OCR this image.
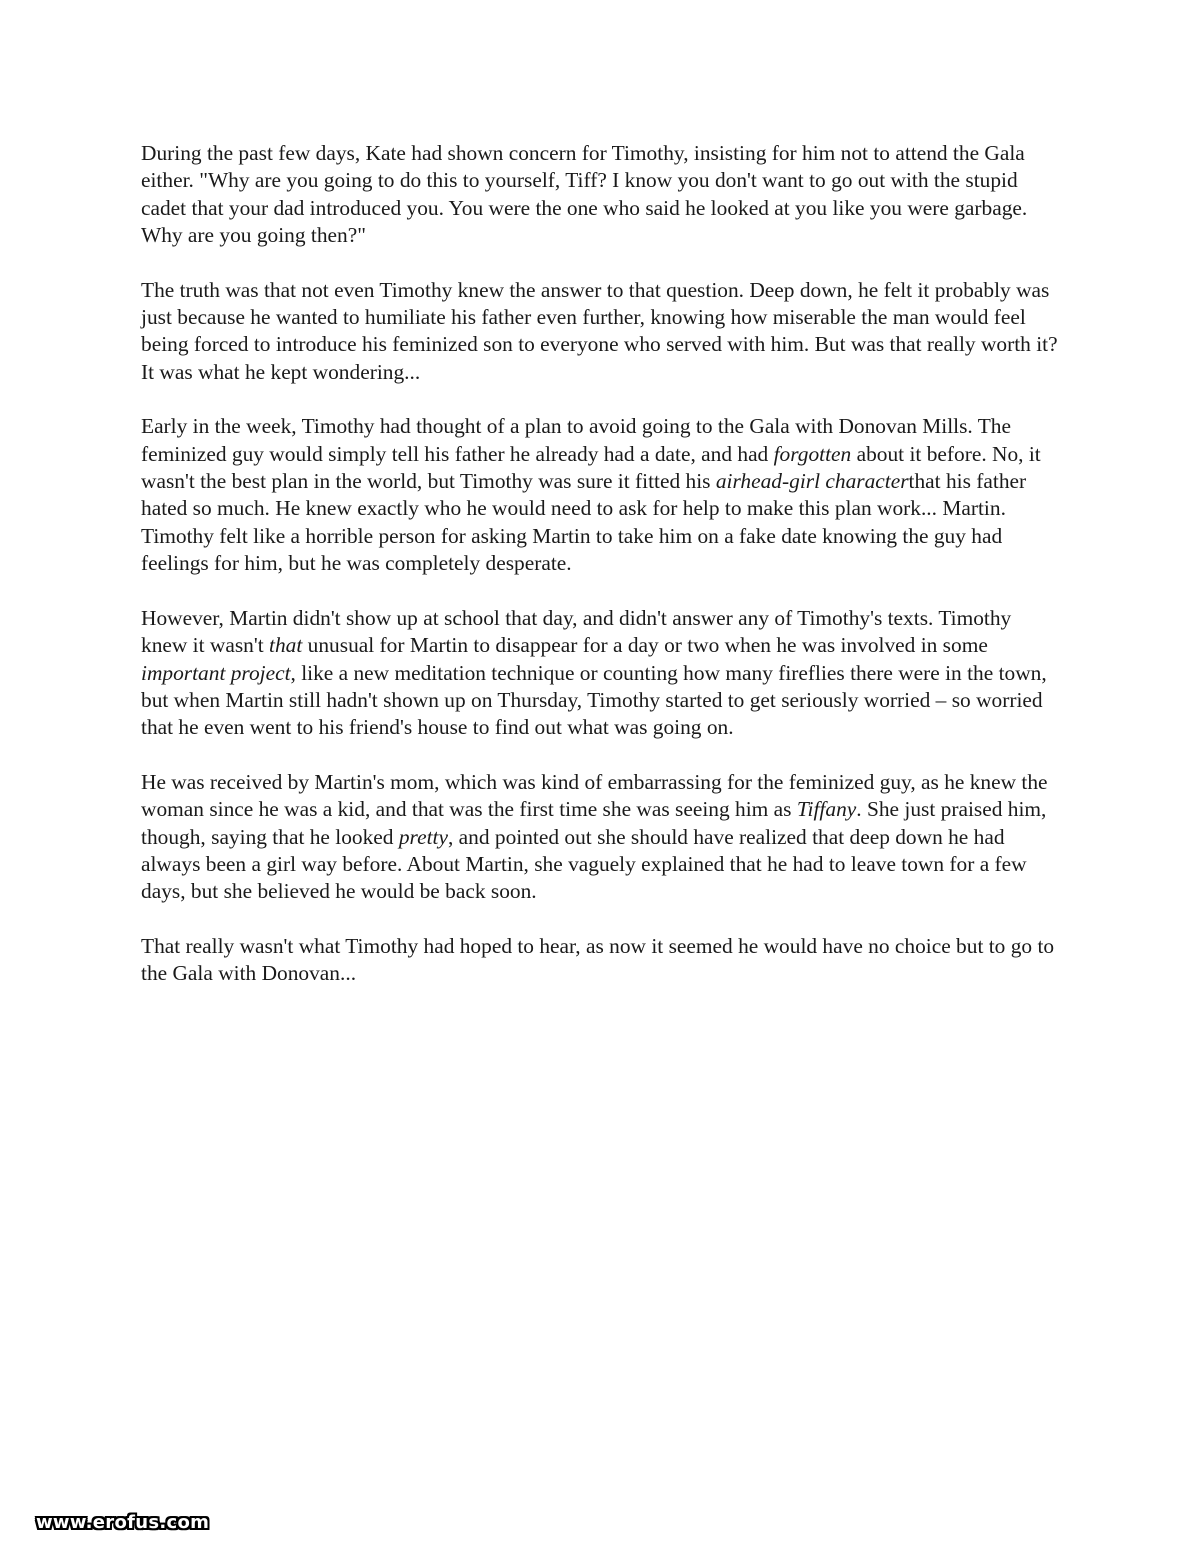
During the past few days, Kate had shown concern for Timothy, insisting for him not to attend the Gala either. "Why are you going to do this to yourself, Tiff? I know you don't want to go out with the stupid cadet that your dad introduced you. You were the one who said he looked at you like you were garbage. Why are you going then?"

The truth was that not even Timothy knew the answer to that question. Deep down, he felt it probably was just because he wanted to humiliate his father even further, knowing how miserable the man would feel being forced to introduce his feminized son to everyone who served with him. But was that really worth it? It was what he kept wondering...

Early in the week, Timothy had thought of a plan to avoid going to the Gala with Donovan Mills. The feminized guy would simply tell his father he already had a date, and had forgotten about it before. No, it wasn't the best plan in the world, but Timothy was sure it fitted his airhead-girl characterthat his father hated so much. He knew exactly who he would need to ask for help to make this plan work... Martin. Timothy felt like a horrible person for asking Martin to take him on a fake date knowing the guy had feelings for him, but he was completely desperate.

However, Martin didn't show up at school that day, and didn't answer any of Timothy's texts. Timothy knew it wasn't that unusual for Martin to disappear for a day or two when he was involved in some important project, like a new meditation technique or counting how many fireflies there were in the town, but when Martin still hadn't shown up on Thursday, Timothy started to get seriously worried – so worried that he even went to his friend's house to find out what was going on.

He was received by Martin's mom, which was kind of embarrassing for the feminized guy, as he knew the woman since he was a kid, and that was the first time she was seeing him as Tiffany. She just praised him, though, saying that he looked pretty, and pointed out she should have realized that deep down he had always been a girl way before. About Martin, she vaguely explained that he had to leave town for a few days, but she believed he would be back soon.

That really wasn't what Timothy had hoped to hear, as now it seemed he would have no choice but to go to the Gala with Donovan...

www.erofus.com
